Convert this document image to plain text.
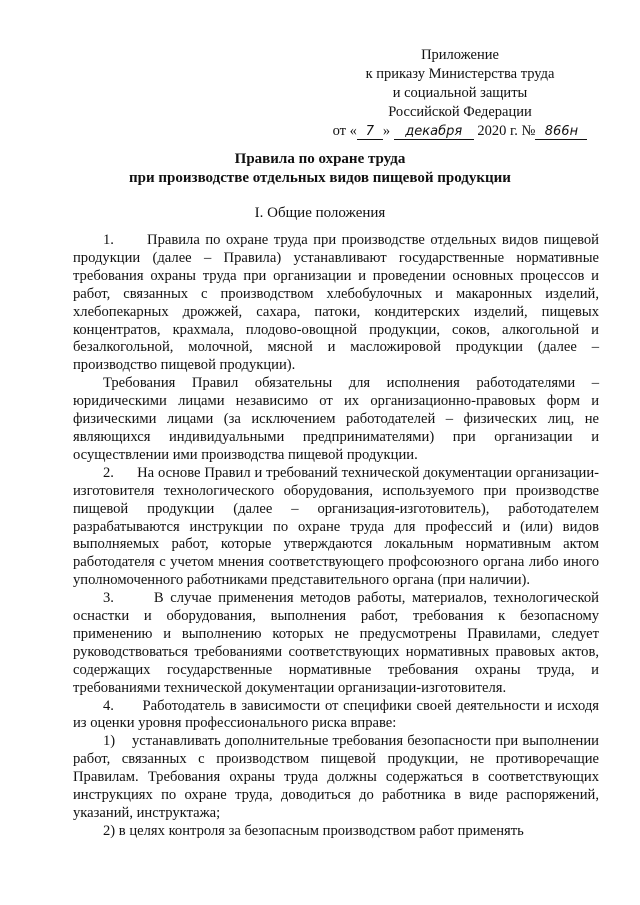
Приложение
к приказу Министерства труда
и социальной защиты
Российской Федерации
от « 7 » декабря 2020 г. № 866н
Правила по охране труда
при производстве отдельных видов пищевой продукции
I. Общие положения

1.      Правила по охране труда при производстве отдельных видов пищевой продукции (далее – Правила) устанавливают государственные нормативные требования охраны труда при организации и проведении основных процессов и работ, связанных с производством хлебобулочных и макаронных изделий, хлебопекарных дрожжей, сахара, патоки, кондитерских изделий, пищевых концентратов, крахмала, плодово-овощной продукции, соков, алкогольной и безалкогольной, молочной, мясной и масложировой продукции (далее – производство пищевой продукции).

Требования Правил обязательны для исполнения работодателями – юридическими лицами независимо от их организационно-правовых форм и физическими лицами (за исключением работодателей – физических лиц, не являющихся индивидуальными предпринимателями) при организации и осуществлении ими производства пищевой продукции.

2.      На основе Правил и требований технической документации организации-изготовителя технологического оборудования, используемого при производстве пищевой продукции (далее – организация-изготовитель), работодателем разрабатываются инструкции по охране труда для профессий и (или) видов выполняемых работ, которые утверждаются локальным нормативным актом работодателя с учетом мнения соответствующего профсоюзного органа либо иного уполномоченного работниками представительного органа (при наличии).

3.      В случае применения методов работы, материалов, технологической оснастки и оборудования, выполнения работ, требования к безопасному применению и выполнению которых не предусмотрены Правилами, следует руководствоваться требованиями соответствующих нормативных правовых актов, содержащих государственные нормативные требования охраны труда, и требованиями технической документации организации-изготовителя.

4.      Работодатель в зависимости от специфики своей деятельности и исходя из оценки уровня профессионального риска вправе:

1)    устанавливать дополнительные требования безопасности при выполнении работ, связанных с производством пищевой продукции, не противоречащие Правилам. Требования охраны труда должны содержаться в соответствующих инструкциях по охране труда, доводиться до работника в виде распоряжений, указаний, инструктажа;

2) в целях контроля за безопасным производством работ применять
